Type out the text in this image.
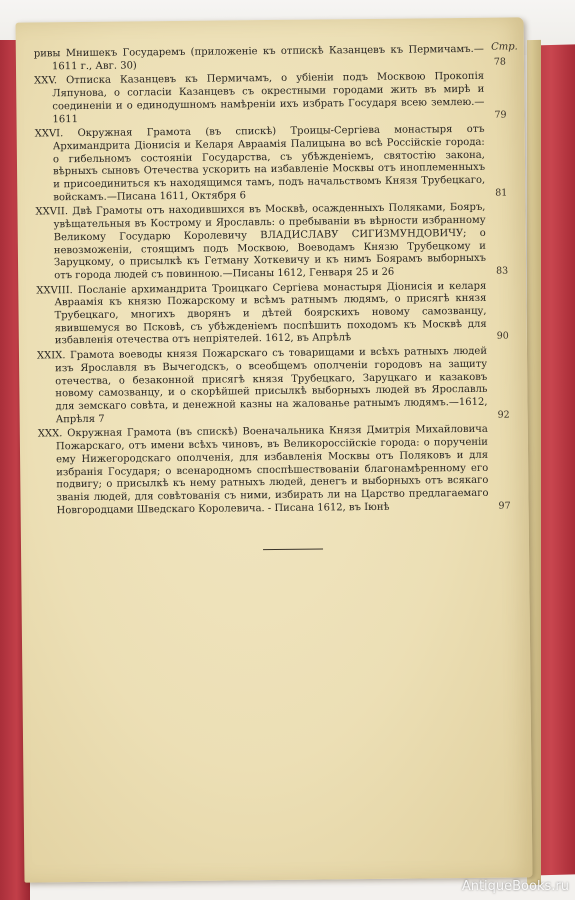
Стр.

ривы Мнишекъ Государемъ (приложеніе къ отпискѣ Казанцевъ къ Пермичамъ.—1611 г., Авг. 30)	78

XXV. Отписка Казанцевъ къ Пермичамъ, о убіеніи подъ Москвою Прокопія Ляпунова, о согласіи Казанцевъ съ окрестными городами жить въ мирѣ и соединеніи и о единодушномъ намѣреніи ихъ избрать Государя всею землею.—1611	79

XXVI. Окружная Грамота (въ спискѣ) Троицы-Сергіева монастыря отъ Архимандрита Діонисія и Келаря Авраамія Палицына во всѣ Россійскіе города: о гибельномъ состояніи Государства, съ убѣжденіемъ, святостію закона, вѣрныхъ сыновъ Отечества ускорить на избавленіе Москвы отъ иноплеменныхъ и присоединиться къ находящимся тамъ, подъ начальствомъ Князя Трубецкаго, войскамъ.—Писана 1611, Октября 6	81

XXVII. Двѣ Грамоты отъ находившихся въ Москвѣ, осажденныхъ Поляками, Бояръ, увѣщательныя въ Кострому и Ярославль: о пребываніи въ вѣрности избранному Великому Государю Королевичу ВЛАДИСЛАВУ СИГИЗМУНДОВИЧУ; о невозможеніи, стоящимъ подъ Москвою, Воеводамъ Князю Трубецкому и Заруцкому, о присылкѣ къ Гетману Хоткевичу и къ нимъ Боярамъ выборныхъ отъ города людей съ повинною.—Писаны 1612, Генваря 25 и 26	83

XXVIII. Посланіе архимандрита Троицкаго Сергіева монастыря Діонисія и келаря Авраамія къ князю Пожарскому и всѣмъ ратнымъ людямъ, о присягѣ князя Трубецкаго, многихъ дворянъ и дѣтей боярскихъ новому самозванцу, явившемуся во Псковѣ, съ убѣжденіемъ поспѣшить походомъ къ Москвѣ для избавленія отечества отъ непріятелей. 1612, въ Апрѣлѣ	90

XXIX. Грамота воеводы князя Пожарскаго съ товарищами и всѣхъ ратныхъ людей изъ Ярославля въ Вычегодскъ, о всеобщемъ ополченіи городовъ на защиту отечества, о безаконной присягѣ князя Трубецкаго, Заруцкаго и казаковъ новому самозванцу, и о скорѣйшей присылкѣ выборныхъ людей въ Ярославль для земскаго совѣта, и денежной казны на жалованье ратнымъ людямъ.—1612, Апрѣля 7	92

XXX. Окружная Грамота (въ спискѣ) Военачальника Князя Дмитрія Михайловича Пожарскаго, отъ имени всѣхъ чиновъ, въ Великороссійскіе города: о порученіи ему Нижегородскаго ополченія, для избавленія Москвы отъ Поляковъ и для избранія Государя; о всенародномъ споспѣшествованіи благонамѣренному его подвигу; о присылкѣ къ нему ратныхъ людей, денегъ и выборныхъ отъ всякаго званія людей, для совѣтованія съ ними, избирать ли на Царство предлагаемаго Новгородцами Шведскаго Королевича. - Писана 1612, въ Іюнѣ	97
AntiqueBooks.ru
